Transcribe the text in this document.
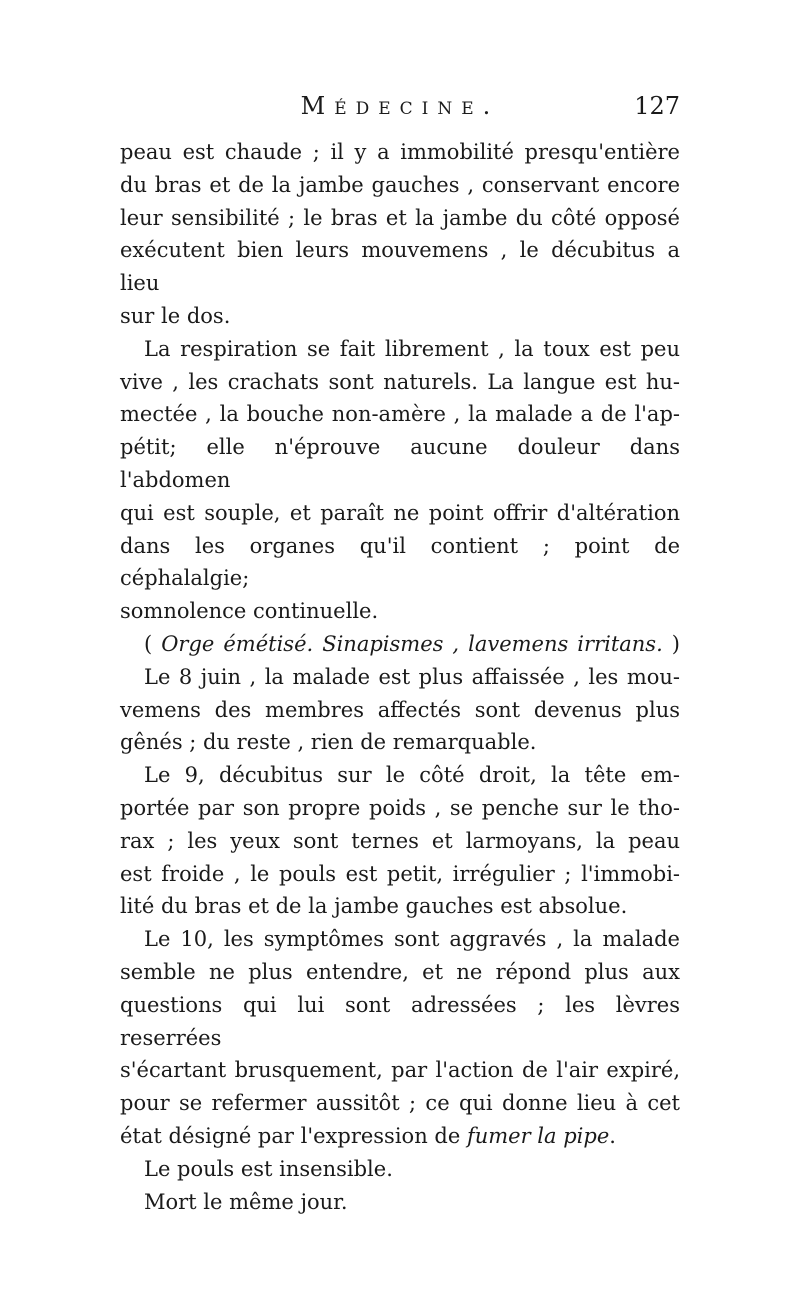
Médecine.	127

peau est chaude ; il y a immobilité presqu'entière
du bras et de la jambe gauches , conservant encore
leur sensibilité ; le bras et la jambe du côté opposé
exécutent bien leurs mouvemens , le décubitus a lieu
sur le dos.

La respiration se fait librement , la toux est peu
vive , les crachats sont naturels. La langue est hu-
mectée , la bouche non-amère , la malade a de l'ap-
pétit; elle n'éprouve aucune douleur dans l'abdomen
qui est souple, et paraît ne point offrir d'altération
dans les organes qu'il contient ; point de céphalalgie;
somnolence continuelle.

( Orge émétisé. Sinapismes , lavemens irritans. )

Le 8 juin , la malade est plus affaissée , les mou-
vemens des membres affectés sont devenus plus
gênés ; du reste , rien de remarquable.

Le 9, décubitus sur le côté droit, la tête em-
portée par son propre poids , se penche sur le tho-
rax ; les yeux sont ternes et larmoyans, la peau
est froide , le pouls est petit, irrégulier ; l'immobi-
lité du bras et de la jambe gauches est absolue.

Le 10, les symptômes sont aggravés , la malade
semble ne plus entendre, et ne répond plus aux
questions qui lui sont adressées ; les lèvres reserrées
s'écartant brusquement, par l'action de l'air expiré,
pour se refermer aussitôt ; ce qui donne lieu à cet
état désigné par l'expression de fumer la pipe.

Le pouls est insensible.

Mort le même jour.
